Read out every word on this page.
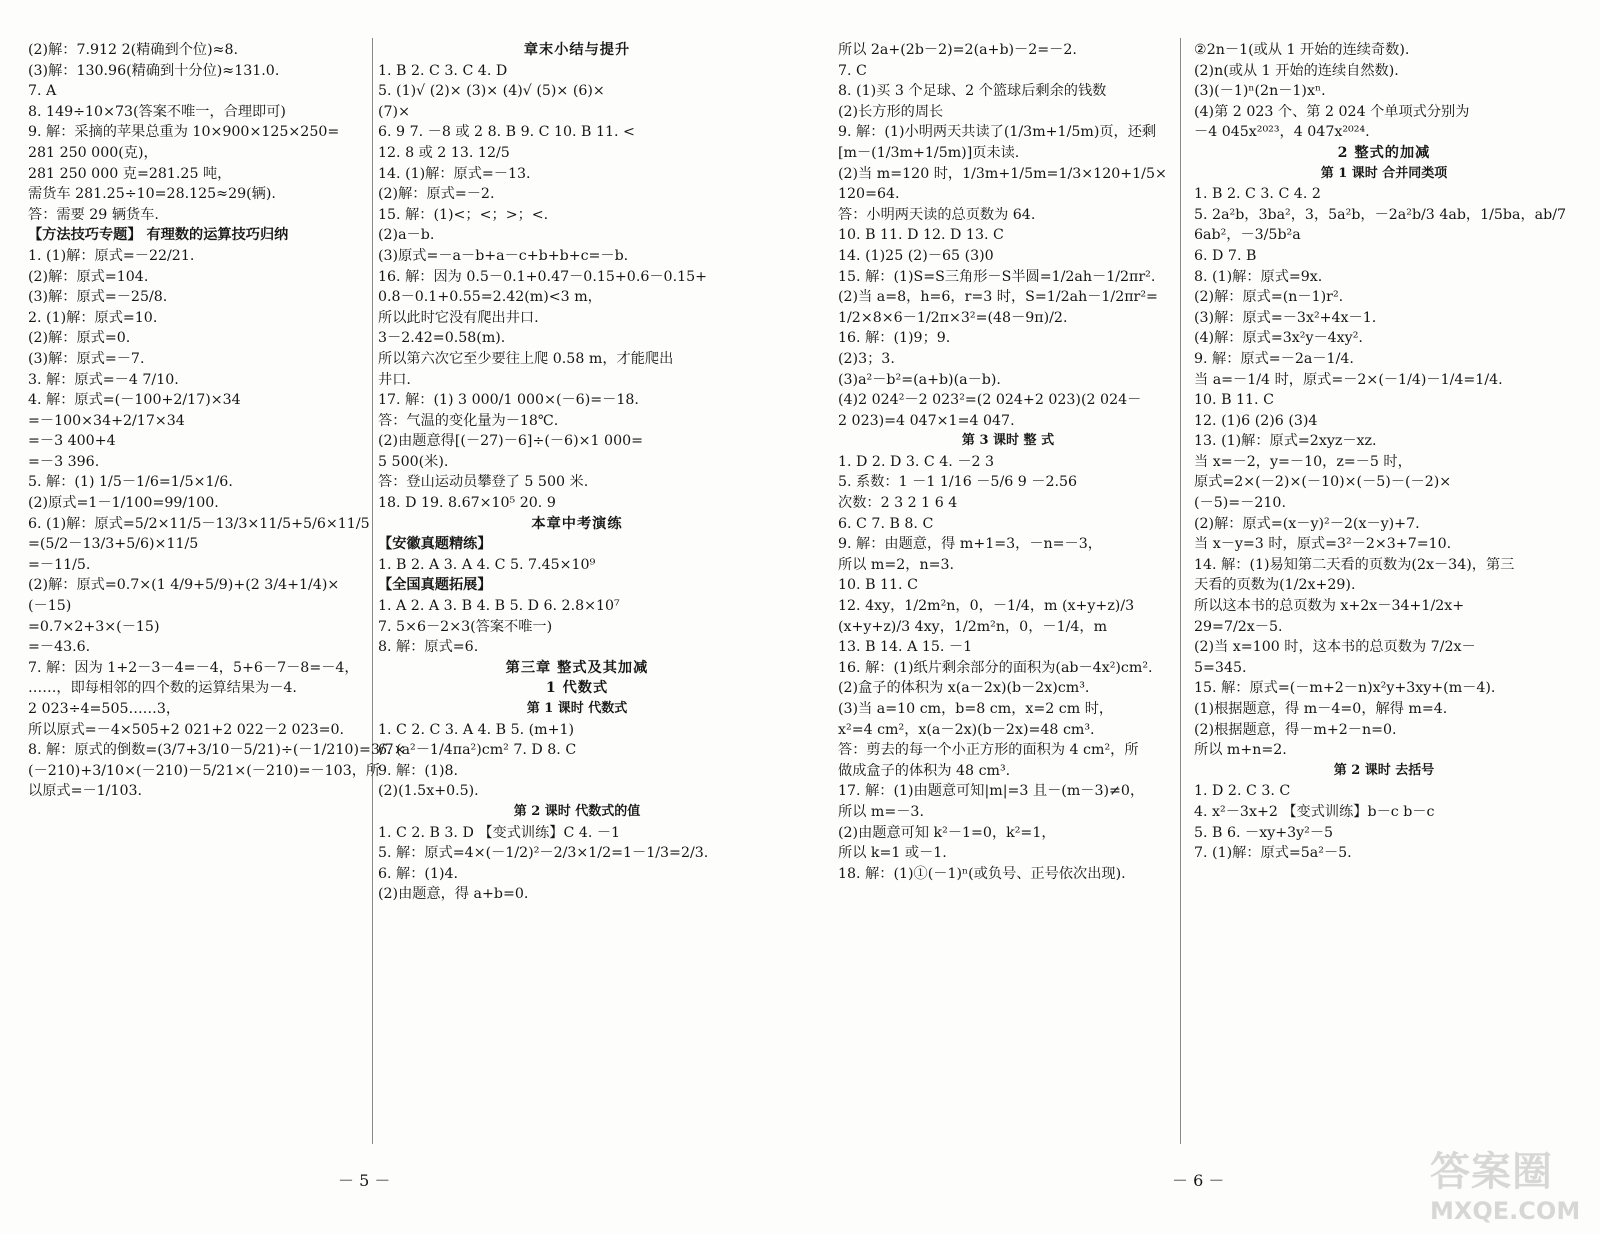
(2)解：7.912 2(精确到个位)≈8.
(3)解：130.96(精确到十分位)≈131.0.
7. A
8. 149÷10×73(答案不唯一，合理即可)
9. 解：采摘的苹果总重为 10×900×125×250=
281 250 000(克)，
281 250 000 克=281.25 吨，
需货车 281.25÷10=28.125≈29(辆).
答：需要 29 辆货车.
【方法技巧专题】 有理数的运算技巧归纳
1. (1)解：原式=－22/21.
(2)解：原式=104.
(3)解：原式=－25/8.
2. (1)解：原式=10.
(2)解：原式=0.
(3)解：原式=－7.
3. 解：原式=－4 7/10.
4. 解：原式=(－100+2/17)×34
=－100×34+2/17×34
=－3 400+4
=－3 396.
5. 解：(1) 1/5－1/6=1/5×1/6.
(2)原式=1－1/100=99/100.
6. (1)解：原式=5/2×11/5－13/3×11/5+5/6×11/5
=(5/2－13/3+5/6)×11/5
=－11/5.
(2)解：原式=0.7×(1 4/9+5/9)+(2 3/4+1/4)×
(－15)
=0.7×2+3×(－15)
=－43.6.
7. 解：因为 1+2－3－4=－4，5+6－7－8=－4，
……，即每相邻的四个数的运算结果为－4.
2 023÷4=505……3，
所以原式=－4×505+2 021+2 022－2 023=0.
8. 解：原式的倒数=(3/7+3/10－5/21)÷(－1/210)=3/7×
(－210)+3/10×(－210)－5/21×(－210)=－103，所
以原式=－1/103.
章末小结与提升
1. B 2. C 3. C 4. D
5. (1)√ (2)× (3)× (4)√ (5)× (6)×
(7)×
6. 9 7. －8 或 2 8. B 9. C 10. B 11. <
12. 8 或 2 13. 12/5
14. (1)解：原式=－13.
(2)解：原式=－2.
15. 解：(1)<；<；>；<.
(2)a－b.
(3)原式=－a－b+a－c+b+b+c=－b.
16. 解：因为 0.5－0.1+0.47－0.15+0.6－0.15+
0.8－0.1+0.55=2.42(m)<3 m，
所以此时它没有爬出井口.
3－2.42=0.58(m).
所以第六次它至少要往上爬 0.58 m，才能爬出
井口.
17. 解：(1) 3 000/1 000×(－6)=－18.
答：气温的变化量为－18℃.
(2)由题意得[(－27)－6]÷(－6)×1 000=
5 500(米).
答：登山运动员攀登了 5 500 米.
18. D 19. 8.67×10⁵ 20. 9
本章中考演练
【安徽真题精练】
1. B 2. A 3. A 4. C 5. 7.45×10⁹
【全国真题拓展】
1. A 2. A 3. B 4. B 5. D 6. 2.8×10⁷
7. 5×6－2×3(答案不唯一)
8. 解：原式=6.
第三章 整式及其加减
1 代数式
第 1 课时 代数式
1. C 2. C 3. A 4. B 5. (m+1)
6. (a²－1/4πa²)cm² 7. D 8. C
9. 解：(1)8.
(2)(1.5x+0.5).
第 2 课时 代数式的值
1. C 2. B 3. D 【变式训练】C 4. －1
5. 解：原式=4×(－1/2)²－2/3×1/2=1－1/3=2/3.
6. 解：(1)4.
(2)由题意，得 a+b=0.
所以 2a+(2b－2)=2(a+b)－2=－2.
7. C
8. (1)买 3 个足球、2 个篮球后剩余的钱数
(2)长方形的周长
9. 解：(1)小明两天共读了(1/3m+1/5m)页，还剩
[m－(1/3m+1/5m)]页未读.
(2)当 m=120 时，1/3m+1/5m=1/3×120+1/5×
120=64.
答：小明两天读的总页数为 64.
10. B 11. D 12. D 13. C
14. (1)25 (2)－65 (3)0
15. 解：(1)S=S三角形－S半圆=1/2ah－1/2πr².
(2)当 a=8，h=6，r=3 时，S=1/2ah－1/2πr²=
1/2×8×6－1/2π×3²=(48－9π)/2.
16. 解：(1)9；9.
(2)3；3.
(3)a²－b²=(a+b)(a－b).
(4)2 024²－2 023²=(2 024+2 023)(2 024－
2 023)=4 047×1=4 047.
第 3 课时 整 式
1. D 2. D 3. C 4. －2 3
5. 系数：1 －1 1/16 －5/6 9 －2.56
次数：2 3 2 1 6 4
6. C 7. B 8. C
9. 解：由题意，得 m+1=3，－n=－3，
所以 m=2，n=3.
10. B 11. C
12. 4xy，1/2m²n，0，－1/4，m (x+y+z)/3
(x+y+z)/3 4xy，1/2m²n，0，－1/4，m
13. B 14. A 15. －1
16. 解：(1)纸片剩余部分的面积为(ab－4x²)cm².
(2)盒子的体积为 x(a－2x)(b－2x)cm³.
(3)当 a=10 cm，b=8 cm，x=2 cm 时，
x²=4 cm²，x(a－2x)(b－2x)=48 cm³.
答：剪去的每一个小正方形的面积为 4 cm²，所
做成盒子的体积为 48 cm³.
17. 解：(1)由题意可知|m|=3 且－(m－3)≠0，
所以 m=－3.
(2)由题意可知 k²－1=0，k²=1，
所以 k=1 或－1.
18. 解：(1)①(－1)ⁿ(或负号、正号依次出现).
②2n－1(或从 1 开始的连续奇数).
(2)n(或从 1 开始的连续自然数).
(3)(－1)ⁿ(2n－1)xⁿ.
(4)第 2 023 个、第 2 024 个单项式分别为
－4 045x²⁰²³，4 047x²⁰²⁴.
2 整式的加减
第 1 课时 合并同类项
1. B 2. C 3. C 4. 2
5. 2a²b，3ba²，3，5a²b，－2a²b/3 4ab，1/5ba，ab/7
6ab²，－3/5b²a
6. D 7. B
8. (1)解：原式=9x.
(2)解：原式=(n－1)r².
(3)解：原式=－3x²+4x－1.
(4)解：原式=3x²y－4xy².
9. 解：原式=－2a－1/4.
当 a=－1/4 时，原式=－2×(－1/4)－1/4=1/4.
10. B 11. C
12. (1)6 (2)6 (3)4
13. (1)解：原式=2xyz－xz.
当 x=－2，y=－10，z=－5 时，
原式=2×(－2)×(－10)×(－5)－(－2)×
(－5)=－210.
(2)解：原式=(x－y)²－2(x－y)+7.
当 x－y=3 时，原式=3²－2×3+7=10.
14. 解：(1)易知第二天看的页数为(2x－34)，第三
天看的页数为(1/2x+29).
所以这本书的总页数为 x+2x－34+1/2x+
29=7/2x－5.
(2)当 x=100 时，这本书的总页数为 7/2x－
5=345.
15. 解：原式=(－m+2－n)x²y+3xy+(m－4).
(1)根据题意，得 m－4=0，解得 m=4.
(2)根据题意，得－m+2－n=0.
所以 m+n=2.
第 2 课时 去括号
1. D 2. C 3. C
4. x²－3x+2 【变式训练】b－c b－c
5. B 6. －xy+3y²－5
7. (1)解：原式=5a²－5.
－ 5 －	－ 6 －	答案圈
MXQE.COM
